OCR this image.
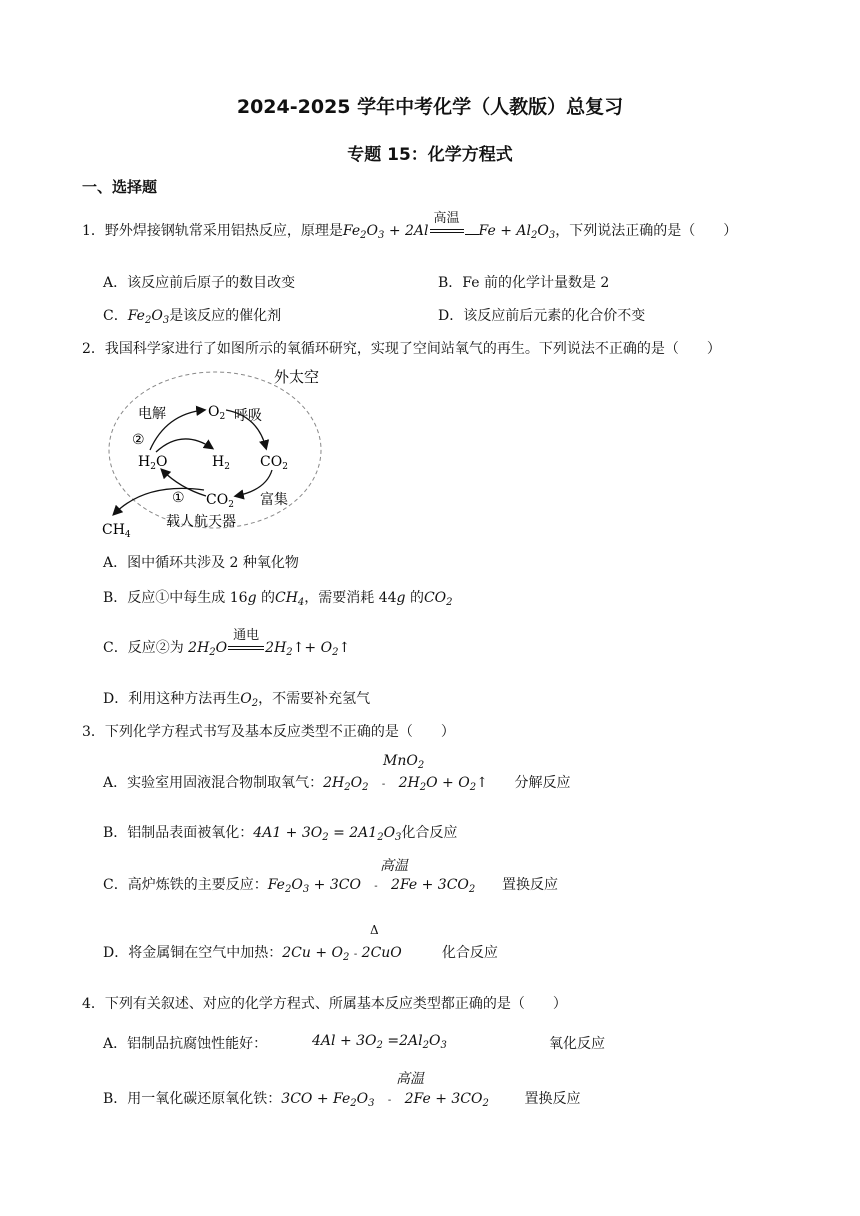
2024-2025 学年中考化学（人教版）总复习
专题 15：化学方程式
一、选择题
1．野外焊接钢轨常采用铝热反应，原理是$Fe_2O_3 + 2Al$
高温
$Fe + Al_2O_3$，下列说法正确的是（　　）
A．该反应前后原子的数目改变	B．Fe 前的化学计量数是 2
C．$Fe_2O_3$是该反应的催化剂	D．该反应前后元素的化合价不变
2．我国科学家进行了如图所示的氧循环研究，实现了空间站氧气的再生。下列说法不正确的是（　　）
外太空
电解	呼吸
$O_2$
②
$H_2O$	$H_2$ $CO_2$
① $CO_2$ 富集
载人航天器
$CH_4$
A．图中循环共涉及 2 种氧化物
B．反应①中每生成 16g 的$CH_4$，需要消耗 44g 的$CO_2$
C．反应②为 $2H_2O$
通电
$2H_2↑+$ $O_2↑$
D．利用这种方法再生$O_2$，不需要补充氢气
3．下列化学方程式书写及基本反应类型不正确的是（　　）
MnO$_2$
A．实验室用固液混合物制取氧气：$2H_2O_2 - 2H_2O$ + $O_2↑$      分解反应
B．铝制品表面被氧化：$4A1 + 3O_2 = 2A1_2O_3$化合反应
高温
C．高炉炼铁的主要反应：$Fe_2O_3 + 3CO - 2Fe + 3CO_2$ 置换反应
Δ
D．将金属铜在空气中加热：$2Cu + O_2 - 2CuO$	化合反应
4．下列有关叙述、对应的化学方程式、所属基本反应类型都正确的是（　　）
A．铝制品抗腐蚀性能好：	$4Al + 3O_2 =2Al_2O_3$	氧化反应
高温
B．用一氧化碳还原氧化铁：$3CO + Fe_2O_3 - 2Fe + 3CO_2$	置换反应
